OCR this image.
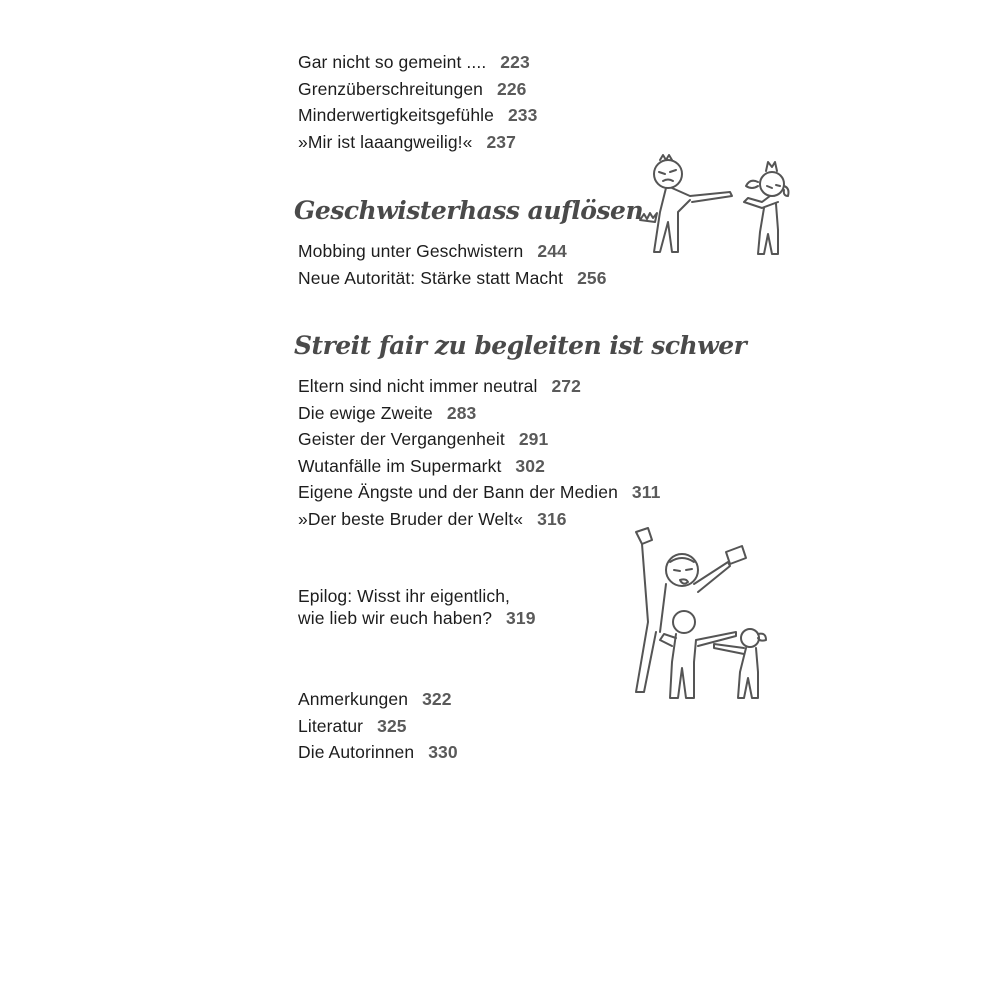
Gar nicht so gemeint .... 223
Grenzüberschreitungen 226
Minderwertigkeitsgefühle 233
»Mir ist laaangweilig!« 237
Geschwisterhass auflösen
Mobbing unter Geschwistern 244
Neue Autorität: Stärke statt Macht 256
Streit fair zu begleiten ist schwer
Eltern sind nicht immer neutral 272
Die ewige Zweite 283
Geister der Vergangenheit 291
Wutanfälle im Supermarkt 302
Eigene Ängste und der Bann der Medien 311
»Der beste Bruder der Welt« 316
Epilog: Wisst ihr eigentlich,
wie lieb wir euch haben? 319
Anmerkungen 322
Literatur 325
Die Autorinnen 330
